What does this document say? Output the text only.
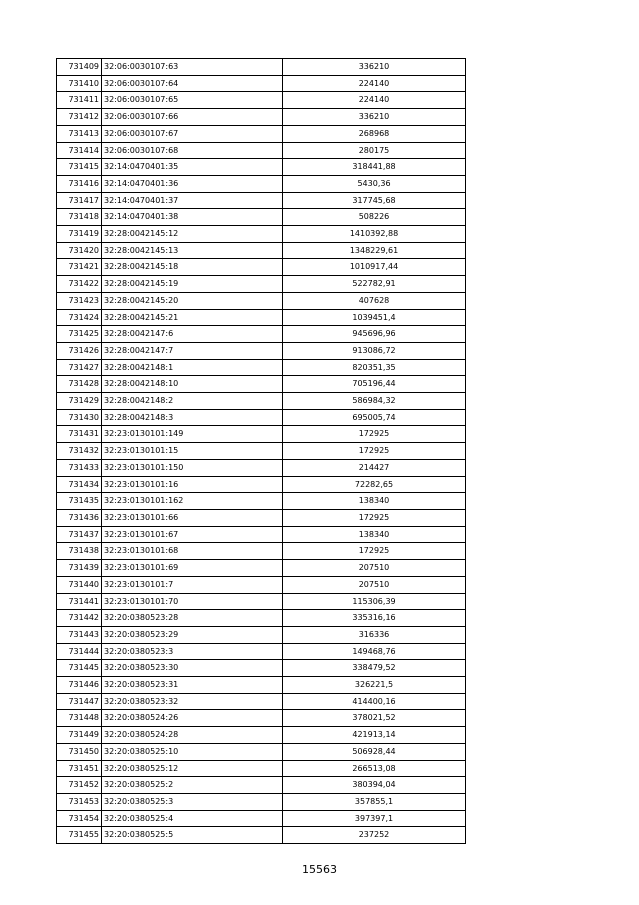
731409	32:06:0030107:63	336210
731410	32:06:0030107:64	224140
731411	32:06:0030107:65	224140
731412	32:06:0030107:66	336210
731413	32:06:0030107:67	268968
731414	32:06:0030107:68	280175
731415	32:14:0470401:35	318441,88
731416	32:14:0470401:36	5430,36
731417	32:14:0470401:37	317745,68
731418	32:14:0470401:38	508226
731419	32:28:0042145:12	1410392,88
731420	32:28:0042145:13	1348229,61
731421	32:28:0042145:18	1010917,44
731422	32:28:0042145:19	522782,91
731423	32:28:0042145:20	407628
731424	32:28:0042145:21	1039451,4
731425	32:28:0042147:6	945696,96
731426	32:28:0042147:7	913086,72
731427	32:28:0042148:1	820351,35
731428	32:28:0042148:10	705196,44
731429	32:28:0042148:2	586984,32
731430	32:28:0042148:3	695005,74
731431	32:23:0130101:149	172925
731432	32:23:0130101:15	172925
731433	32:23:0130101:150	214427
731434	32:23:0130101:16	72282,65
731435	32:23:0130101:162	138340
731436	32:23:0130101:66	172925
731437	32:23:0130101:67	138340
731438	32:23:0130101:68	172925
731439	32:23:0130101:69	207510
731440	32:23:0130101:7	207510
731441	32:23:0130101:70	115306,39
731442	32:20:0380523:28	335316,16
731443	32:20:0380523:29	316336
731444	32:20:0380523:3	149468,76
731445	32:20:0380523:30	338479,52
731446	32:20:0380523:31	326221,5
731447	32:20:0380523:32	414400,16
731448	32:20:0380524:26	378021,52
731449	32:20:0380524:28	421913,14
731450	32:20:0380525:10	506928,44
731451	32:20:0380525:12	266513,08
731452	32:20:0380525:2	380394,04
731453	32:20:0380525:3	357855,1
731454	32:20:0380525:4	397397,1
731455	32:20:0380525:5	237252
15563
